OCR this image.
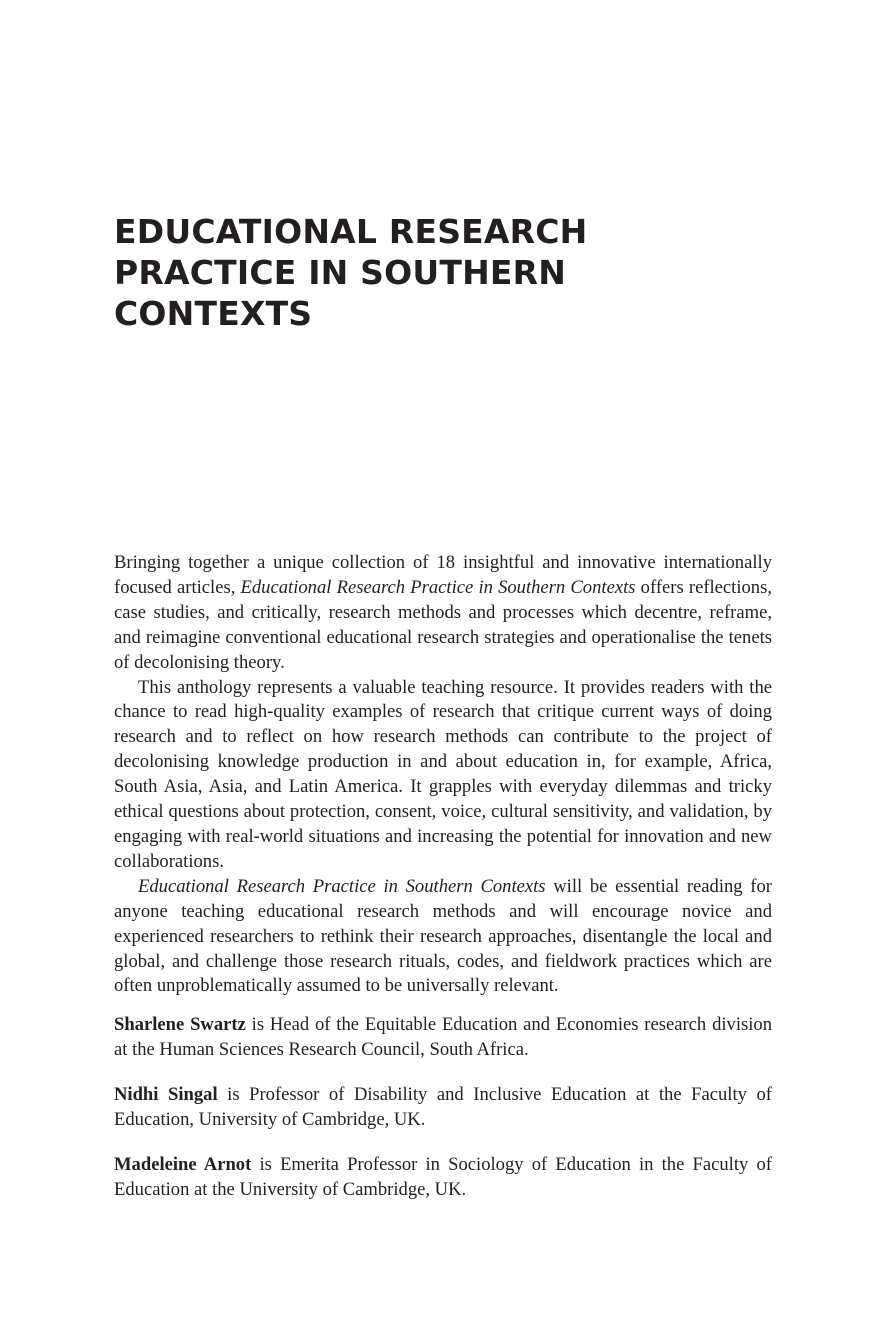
EDUCATIONAL RESEARCH
PRACTICE IN SOUTHERN
CONTEXTS

Bringing together a unique collection of 18 insightful and innovative internationally focused articles, Educational Research Practice in Southern Contexts offers reflections, case studies, and critically, research methods and processes which decentre, reframe, and reimagine conventional educational research strategies and operationalise the tenets of decolonising theory.

This anthology represents a valuable teaching resource. It provides readers with the chance to read high-quality examples of research that critique current ways of doing research and to reflect on how research methods can contribute to the project of decolonising knowledge production in and about education in, for example, Africa, South Asia, Asia, and Latin America. It grapples with everyday dilemmas and tricky ethical questions about protection, consent, voice, cultural sensitivity, and validation, by engaging with real-world situations and increasing the potential for innovation and new collaborations.

Educational Research Practice in Southern Contexts will be essential reading for anyone teaching educational research methods and will encourage novice and experienced researchers to rethink their research approaches, disentangle the local and global, and challenge those research rituals, codes, and fieldwork practices which are often unproblematically assumed to be universally relevant.

Sharlene Swartz is Head of the Equitable Education and Economies research division at the Human Sciences Research Council, South Africa.

Nidhi Singal is Professor of Disability and Inclusive Education at the Faculty of Education, University of Cambridge, UK.

Madeleine Arnot is Emerita Professor in Sociology of Education in the Faculty of Education at the University of Cambridge, UK.
